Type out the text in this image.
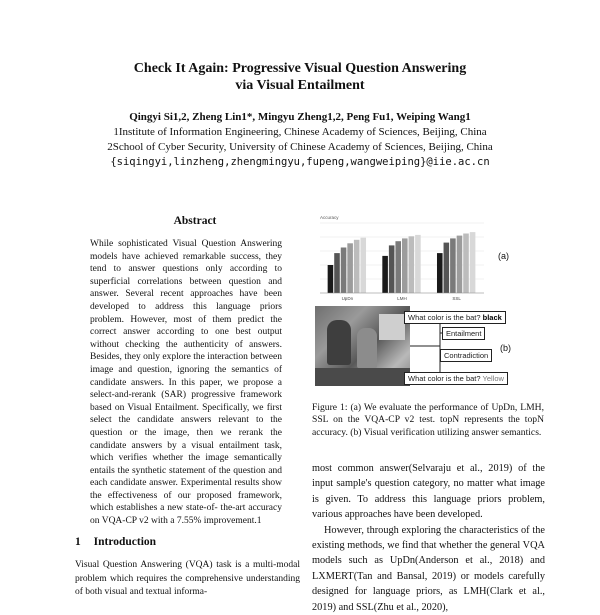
Check It Again: Progressive Visual Question Answering
via Visual Entailment
Qingyi Si1,2, Zheng Lin1*, Mingyu Zheng1,2, Peng Fu1, Weiping Wang1
1Institute of Information Engineering, Chinese Academy of Sciences, Beijing, China
2School of Cyber Security, University of Chinese Academy of Sciences, Beijing, China
{siqingyi,linzheng,zhengmingyu,fupeng,wangweiping}@iie.ac.cn
Abstract

While sophisticated Visual Question Answering models have achieved remarkable success, they tend to answer questions only according to superficial correlations between question and answer. Several recent approaches have been developed to address this language priors problem. However, most of them predict the correct answer according to one best output without checking the authenticity of answers. Besides, they only explore the interaction between image and question, ignoring the semantics of candidate answers. In this paper, we propose a select-and-rerank (SAR) progressive framework based on Visual Entailment. Specifically, we first select the candidate answers relevant to the question or the image, then we rerank the candidate answers by a visual entailment task, which verifies whether the image semantically entails the synthetic statement of the question and each candidate answer. Experimental results show the effectiveness of our proposed framework, which establishes a new state-of- the-art accuracy on VQA-CP v2 with a 7.55% improvement.1

1 Introduction

Visual Question Answering (VQA) task is a multi-modal problem which requires the comprehensive understanding of both visual and textual informa-

Accuracy
UpDn	LMH	SSL
(a)
What color is the bat? black
Entailment
Contradiction
What color is the bat? Yellow
(b)
Figure 1: (a) We evaluate the performance of UpDn, LMH, SSL on the VQA-CP v2 test. topN represents the topN accuracy. (b) Visual verification utilizing answer semantics.

most common answer(Selvaraju et al., 2019) of the input sample's question category, no matter what image is given. To address this language priors problem, various approaches have been developed.

However, through exploring the characteristics of the existing methods, we find that whether the general VQA models such as UpDn(Anderson et al., 2018) and LXMERT(Tan and Bansal, 2019) or models carefully designed for language priors, as LMH(Clark et al., 2019) and SSL(Zhu et al., 2020),
